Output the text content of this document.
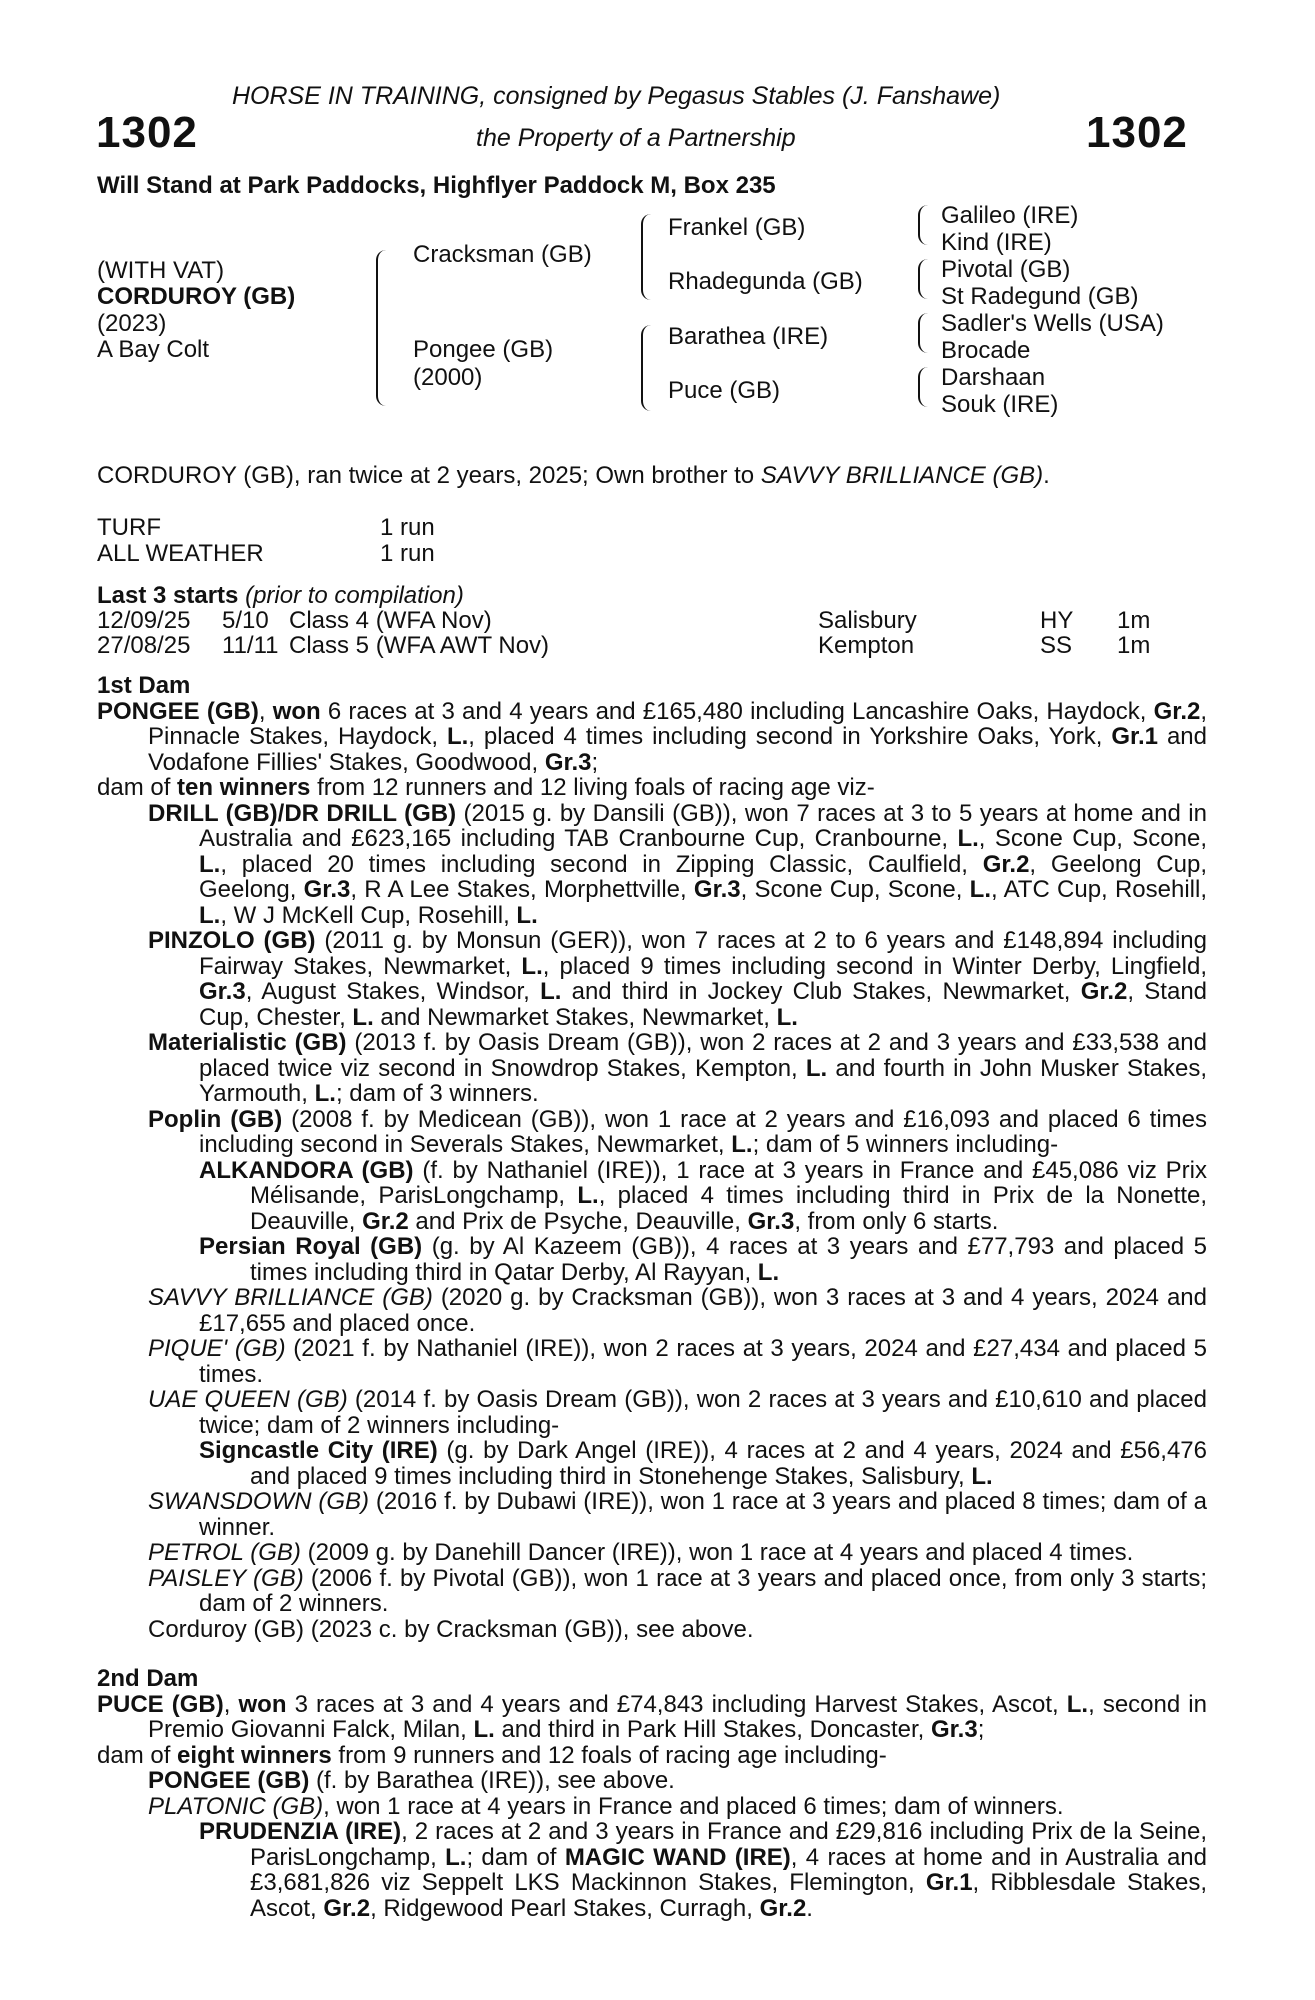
HORSE IN TRAINING, consigned by Pegasus Stables (J. Fanshawe)
1302	the Property of a Partnership	1302
Will Stand at Park Paddocks, Highflyer Paddock M, Box 235
(WITH VAT)
CORDUROY (GB)
(2023)
A Bay Colt
Cracksman (GB)
Pongee (GB)
(2000)
Frankel (GB)
Rhadegunda (GB)
Barathea (IRE)
Puce (GB)
Galileo (IRE)
Kind (IRE)
Pivotal (GB)
St Radegund (GB)
Sadler's Wells (USA)
Brocade
Darshaan
Souk (IRE)
CORDUROY (GB), ran twice at 2 years, 2025; Own brother to SAVVY BRILLIANCE (GB).
TURF	1 run
ALL WEATHER	1 run
Last 3 starts (prior to compilation)
12/09/25 5/10 Class 4 (WFA Nov)	Salisbury	HY 1m
27/08/25 11/11 Class 5 (WFA AWT Nov)	Kempton	SS 1m
1st Dam
PONGEE (GB), won 6 races at 3 and 4 years and £165,480 including Lancashire Oaks, Haydock, Gr.2, Pinnacle Stakes, Haydock, L., placed 4 times including second in Yorkshire Oaks, York, Gr.1 and Vodafone Fillies' Stakes, Goodwood, Gr.3;
dam of ten winners from 12 runners and 12 living foals of racing age viz-
DRILL (GB)/DR DRILL (GB) (2015 g. by Dansili (GB)), won 7 races at 3 to 5 years at home and in Australia and £623,165 including TAB Cranbourne Cup, Cranbourne, L., Scone Cup, Scone, L., placed 20 times including second in Zipping Classic, Caulfield, Gr.2, Geelong Cup, Geelong, Gr.3, R A Lee Stakes, Morphettville, Gr.3, Scone Cup, Scone, L., ATC Cup, Rosehill, L., W J McKell Cup, Rosehill, L.
PINZOLO (GB) (2011 g. by Monsun (GER)), won 7 races at 2 to 6 years and £148,894 including Fairway Stakes, Newmarket, L., placed 9 times including second in Winter Derby, Lingfield, Gr.3, August Stakes, Windsor, L. and third in Jockey Club Stakes, Newmarket, Gr.2, Stand Cup, Chester, L. and Newmarket Stakes, Newmarket, L.
Materialistic (GB) (2013 f. by Oasis Dream (GB)), won 2 races at 2 and 3 years and £33,538 and placed twice viz second in Snowdrop Stakes, Kempton, L. and fourth in John Musker Stakes, Yarmouth, L.; dam of 3 winners.
Poplin (GB) (2008 f. by Medicean (GB)), won 1 race at 2 years and £16,093 and placed 6 times including second in Severals Stakes, Newmarket, L.; dam of 5 winners including-
ALKANDORA (GB) (f. by Nathaniel (IRE)), 1 race at 3 years in France and £45,086 viz Prix Mélisande, ParisLongchamp, L., placed 4 times including third in Prix de la Nonette, Deauville, Gr.2 and Prix de Psyche, Deauville, Gr.3, from only 6 starts.
Persian Royal (GB) (g. by Al Kazeem (GB)), 4 races at 3 years and £77,793 and placed 5 times including third in Qatar Derby, Al Rayyan, L.
SAVVY BRILLIANCE (GB) (2020 g. by Cracksman (GB)), won 3 races at 3 and 4 years, 2024 and £17,655 and placed once.
PIQUE' (GB) (2021 f. by Nathaniel (IRE)), won 2 races at 3 years, 2024 and £27,434 and placed 5 times.
UAE QUEEN (GB) (2014 f. by Oasis Dream (GB)), won 2 races at 3 years and £10,610 and placed twice; dam of 2 winners including-
Signcastle City (IRE) (g. by Dark Angel (IRE)), 4 races at 2 and 4 years, 2024 and £56,476 and placed 9 times including third in Stonehenge Stakes, Salisbury, L.
SWANSDOWN (GB) (2016 f. by Dubawi (IRE)), won 1 race at 3 years and placed 8 times; dam of a winner.
PETROL (GB) (2009 g. by Danehill Dancer (IRE)), won 1 race at 4 years and placed 4 times.
PAISLEY (GB) (2006 f. by Pivotal (GB)), won 1 race at 3 years and placed once, from only 3 starts; dam of 2 winners.
Corduroy (GB) (2023 c. by Cracksman (GB)), see above.
2nd Dam
PUCE (GB), won 3 races at 3 and 4 years and £74,843 including Harvest Stakes, Ascot, L., second in Premio Giovanni Falck, Milan, L. and third in Park Hill Stakes, Doncaster, Gr.3;
dam of eight winners from 9 runners and 12 foals of racing age including-
PONGEE (GB) (f. by Barathea (IRE)), see above.
PLATONIC (GB), won 1 race at 4 years in France and placed 6 times; dam of winners.
PRUDENZIA (IRE), 2 races at 2 and 3 years in France and £29,816 including Prix de la Seine, ParisLongchamp, L.; dam of MAGIC WAND (IRE), 4 races at home and in Australia and £3,681,826 viz Seppelt LKS Mackinnon Stakes, Flemington, Gr.1, Ribblesdale Stakes, Ascot, Gr.2, Ridgewood Pearl Stakes, Curragh, Gr.2.
